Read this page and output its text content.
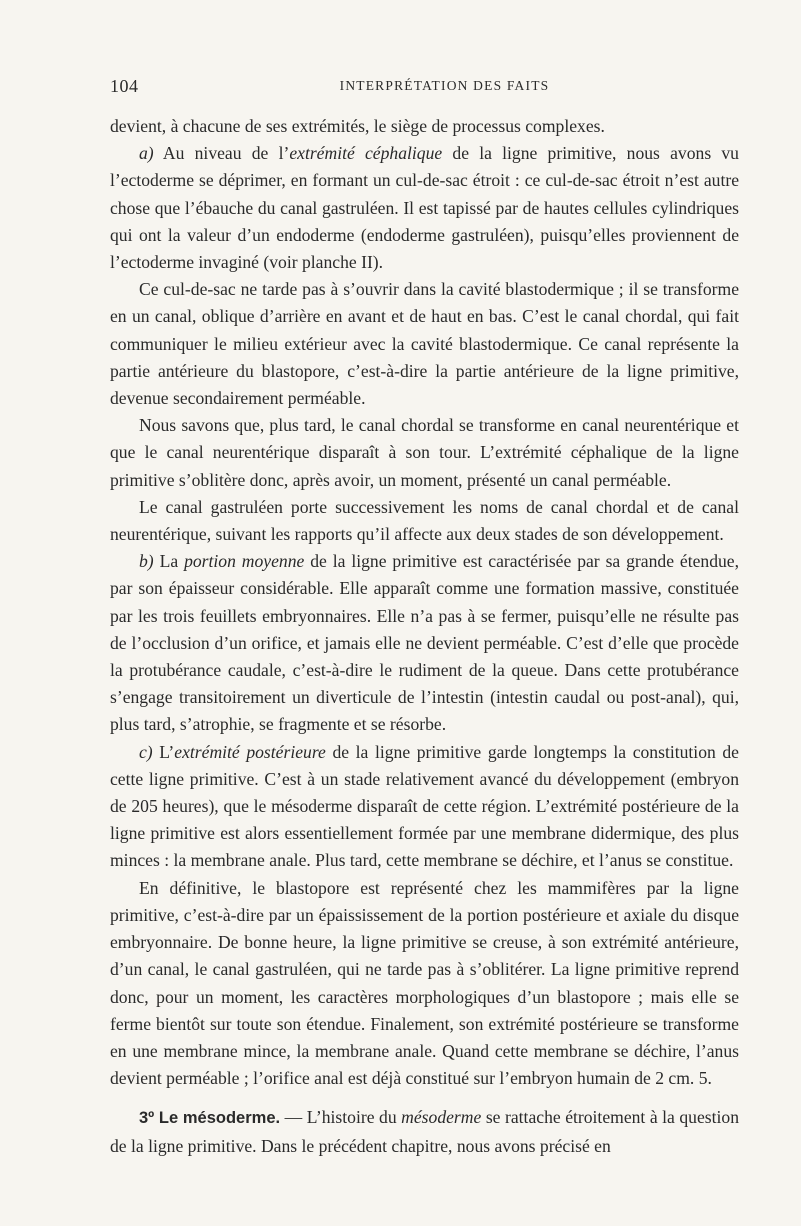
104	INTERPRÉTATION DES FAITS

devient, à chacune de ses extrémités, le siège de processus complexes.

a) Au niveau de l’extrémité céphalique de la ligne primitive, nous avons vu l’ectoderme se déprimer, en formant un cul-de-sac étroit : ce cul-de-sac étroit n’est autre chose que l’ébauche du canal gastruléen. Il est tapissé par de hautes cellules cylindriques qui ont la valeur d’un endoderme (endoderme gastruléen), puisqu’elles proviennent de l’ectoderme invaginé (voir planche II).

Ce cul-de-sac ne tarde pas à s’ouvrir dans la cavité blastodermique ; il se transforme en un canal, oblique d’arrière en avant et de haut en bas. C’est le canal chordal, qui fait communiquer le milieu extérieur avec la cavité blastodermique. Ce canal représente la partie antérieure du blastopore, c’est-à-dire la partie antérieure de la ligne primitive, devenue secondairement perméable.

Nous savons que, plus tard, le canal chordal se transforme en canal neurentérique et que le canal neurentérique disparaît à son tour. L’extrémité céphalique de la ligne primitive s’oblitère donc, après avoir, un moment, présenté un canal perméable.

Le canal gastruléen porte successivement les noms de canal chordal et de canal neurentérique, suivant les rapports qu’il affecte aux deux stades de son développement.

b) La portion moyenne de la ligne primitive est caractérisée par sa grande étendue, par son épaisseur considérable. Elle apparaît comme une formation massive, constituée par les trois feuillets embryonnaires. Elle n’a pas à se fermer, puisqu’elle ne résulte pas de l’occlusion d’un orifice, et jamais elle ne devient perméable. C’est d’elle que procède la protubérance caudale, c’est-à-dire le rudiment de la queue. Dans cette protubérance s’engage transitoirement un diverticule de l’intestin (intestin caudal ou post-anal), qui, plus tard, s’atrophie, se fragmente et se résorbe.

c) L’extrémité postérieure de la ligne primitive garde longtemps la constitution de cette ligne primitive. C’est à un stade relativement avancé du développement (embryon de 205 heures), que le mésoderme disparaît de cette région. L’extrémité postérieure de la ligne primitive est alors essentiellement formée par une membrane didermique, des plus minces : la membrane anale. Plus tard, cette membrane se déchire, et l’anus se constitue.

En définitive, le blastopore est représenté chez les mammifères par la ligne primitive, c’est-à-dire par un épaississement de la portion postérieure et axiale du disque embryonnaire. De bonne heure, la ligne primitive se creuse, à son extrémité antérieure, d’un canal, le canal gastruléen, qui ne tarde pas à s’oblitérer. La ligne primitive reprend donc, pour un moment, les caractères morphologiques d’un blastopore ; mais elle se ferme bientôt sur toute son étendue. Finalement, son extrémité postérieure se transforme en une membrane mince, la membrane anale. Quand cette membrane se déchire, l’anus devient perméable ; l’orifice anal est déjà constitué sur l’embryon humain de 2 cm. 5.

3º Le mésoderme. — L’histoire du mésoderme se rattache étroitement à la question de la ligne primitive. Dans le précédent chapitre, nous avons précisé en
